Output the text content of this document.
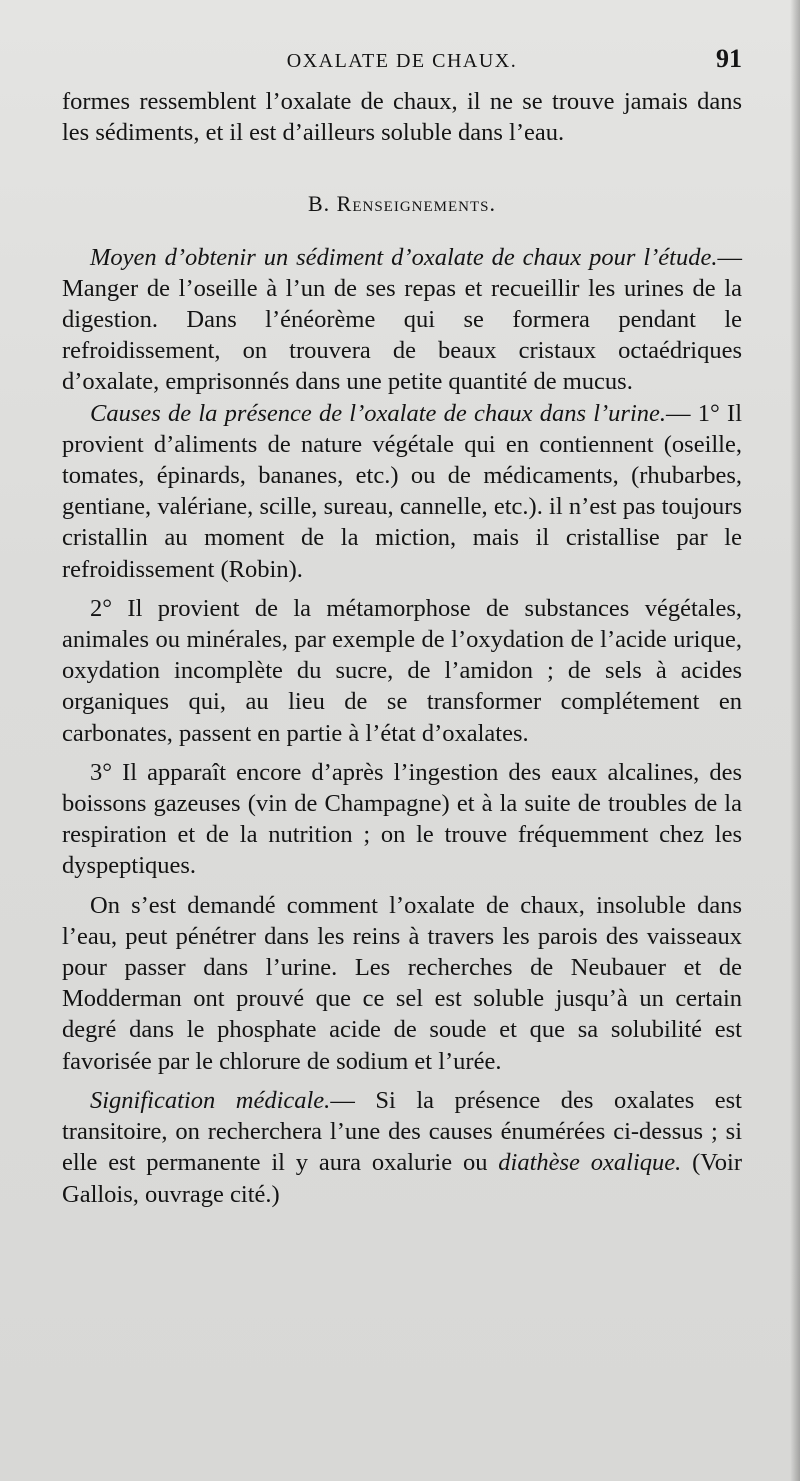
OXALATE DE CHAUX.	91

formes ressemblent l’oxalate de chaux, il ne se trouve jamais dans les sédiments, et il est d’ailleurs soluble dans l’eau.

B. Renseignements.

Moyen d’obtenir un sédiment d’oxalate de chaux pour l’étude.— Manger de l’oseille à l’un de ses repas et recueillir les urines de la digestion. Dans l’énéorème qui se formera pendant le refroidissement, on trouvera de beaux cristaux octaédriques d’oxalate, emprisonnés dans une petite quantité de mucus.

Causes de la présence de l’oxalate de chaux dans l’urine.— 1° Il provient d’aliments de nature végétale qui en contiennent (oseille, tomates, épinards, bananes, etc.) ou de médicaments, (rhubarbes, gentiane, valériane, scille, sureau, cannelle, etc.). il n’est pas toujours cristallin au moment de la miction, mais il cristallise par le refroidissement (Robin).

2° Il provient de la métamorphose de substances végétales, animales ou minérales, par exemple de l’oxydation de l’acide urique, oxydation incomplète du sucre, de l’amidon ; de sels à acides organiques qui, au lieu de se transformer complétement en carbonates, passent en partie à l’état d’oxalates.

3° Il apparaît encore d’après l’ingestion des eaux alcalines, des boissons gazeuses (vin de Champagne) et à la suite de troubles de la respiration et de la nutrition ; on le trouve fréquemment chez les dyspeptiques.

On s’est demandé comment l’oxalate de chaux, insoluble dans l’eau, peut pénétrer dans les reins à travers les parois des vaisseaux pour passer dans l’urine. Les recherches de Neubauer et de Modderman ont prouvé que ce sel est soluble jusqu’à un certain degré dans le phosphate acide de soude et que sa solubilité est favorisée par le chlorure de sodium et l’urée.

Signification médicale.— Si la présence des oxalates est transitoire, on recherchera l’une des causes énumérées ci-dessus ; si elle est permanente il y aura oxalurie ou diathèse oxalique. (Voir Gallois, ouvrage cité.)
